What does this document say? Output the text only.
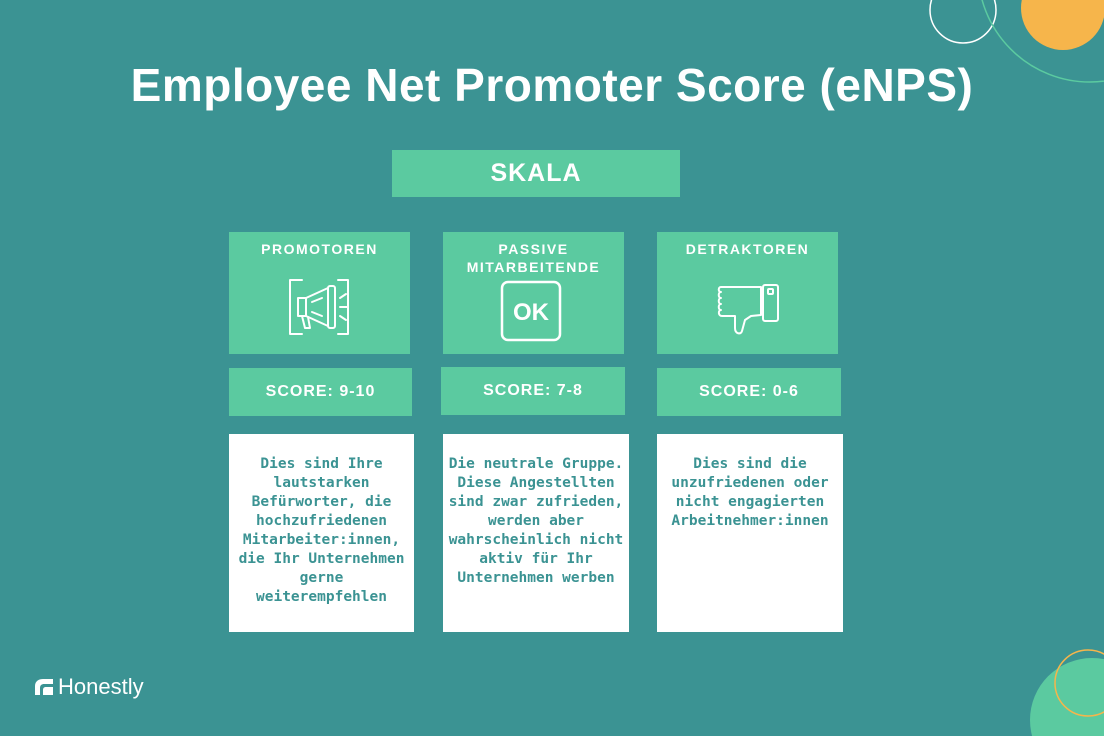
Employee Net Promoter Score (eNPS)
SKALA
PROMOTOREN	PASSIVE
MITARBEITENDE
OK
DETRAKTOREN
SCORE: 9-10	SCORE: 7-8	SCORE: 0-6
Dies sind Ihre lautstarken Befürworter, die hochzufriedenen Mitarbeiter:innen, die Ihr Unternehmen gerne weiterempfehlen
Die neutrale Gruppe. Diese Angestellten sind zwar zufrieden, werden aber wahrscheinlich nicht aktiv für Ihr Unternehmen werben
Dies sind die unzufriedenen oder nicht engagierten Arbeitnehmer:innen
Honestly
